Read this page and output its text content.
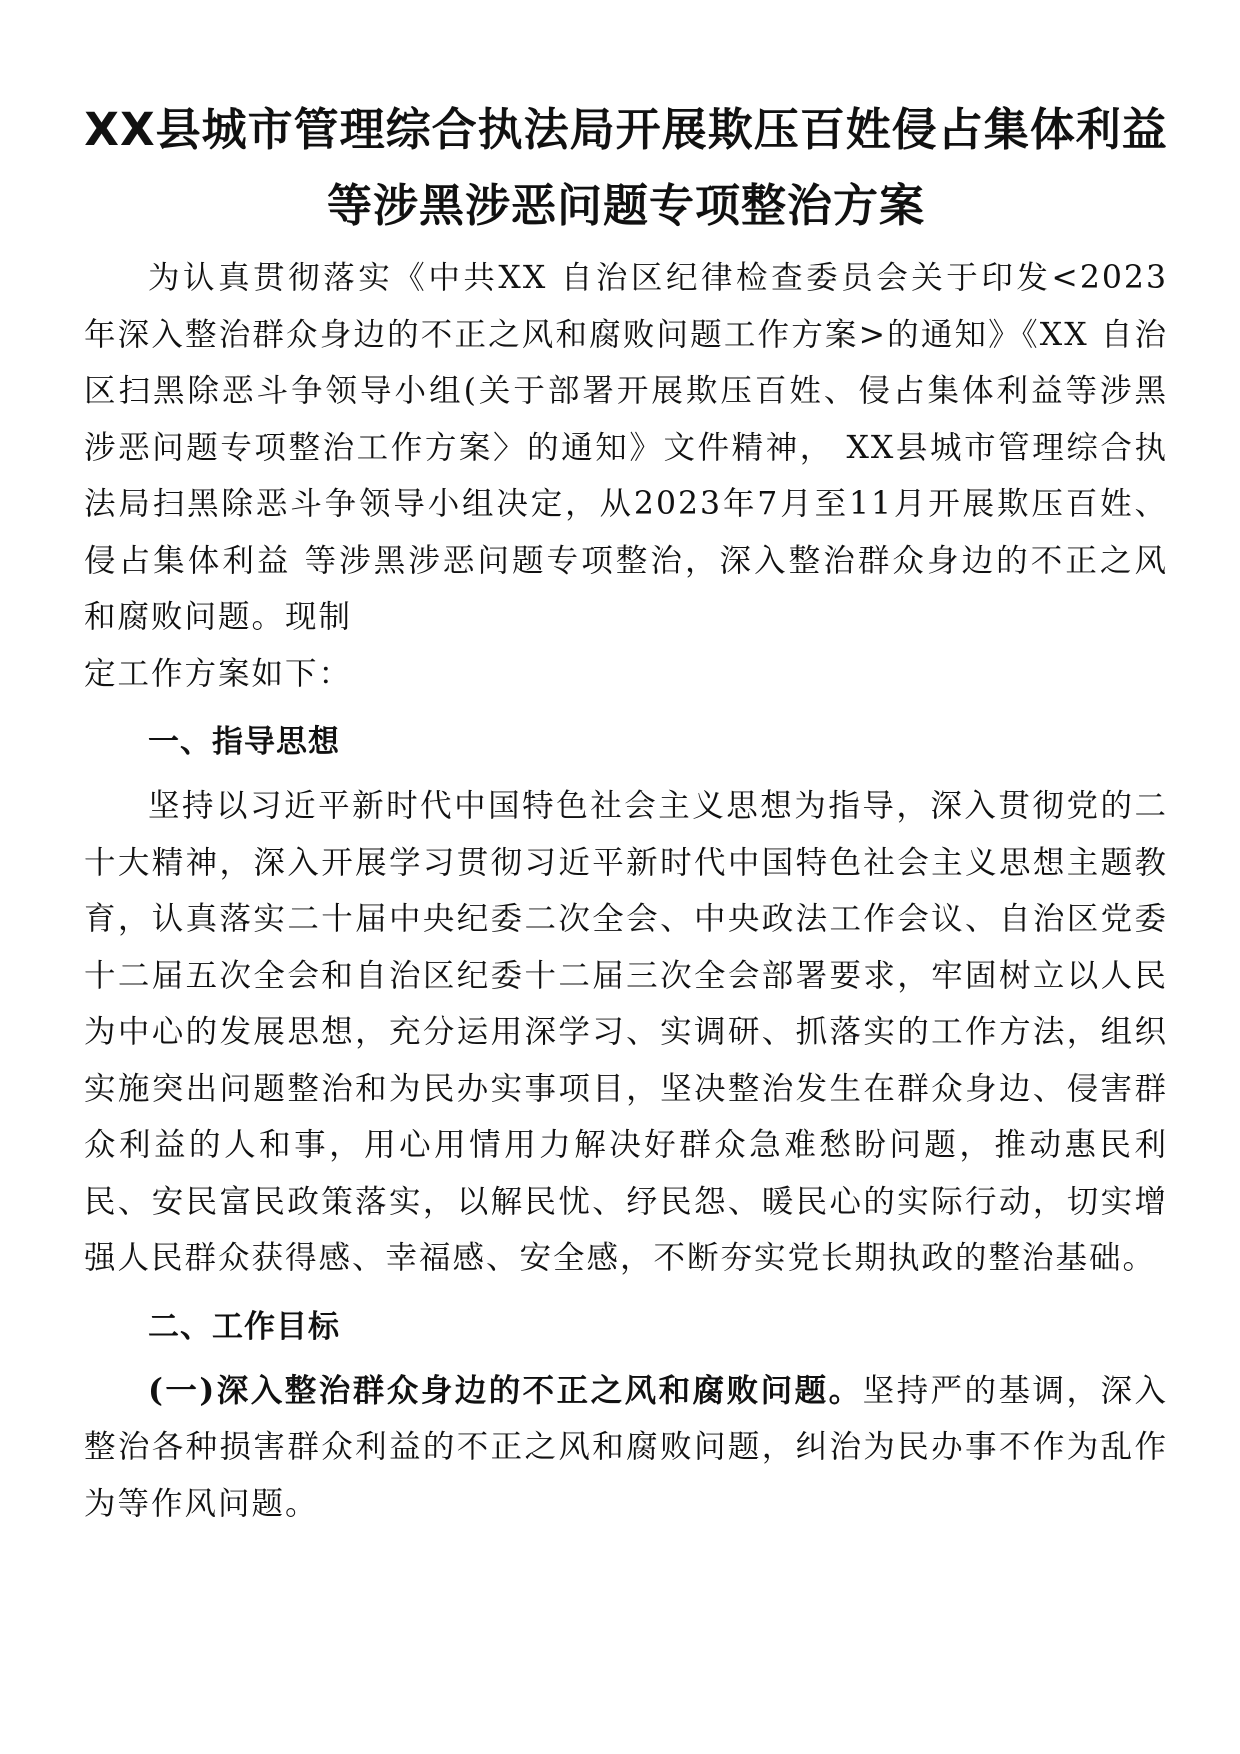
XX县城市管理综合执法局开展欺压百姓侵占集体利益
等涉黑涉恶问题专项整治方案

为认真贯彻落实《中共XX 自治区纪律检查委员会关于印发<2023 年深入整治群众身边的不正之风和腐败问题工作方案>的通知》《XX 自治区扫黑除恶斗争领导小组(关于部署开展欺压百姓、侵占集体利益等涉黑涉恶问题专项整治工作方案〉的通知》文件精神， XX县城市管理综合执法局扫黑除恶斗争领导小组决定，从2023年7月至11月开展欺压百姓、侵占集体利益 等涉黑涉恶问题专项整治，深入整治群众身边的不正之风和腐败问题。现制

定工作方案如下：

一、指导思想

坚持以习近平新时代中国特色社会主义思想为指导，深入贯彻党的二十大精神，深入开展学习贯彻习近平新时代中国特色社会主义思想主题教育，认真落实二十届中央纪委二次全会、中央政法工作会议、自治区党委十二届五次全会和自治区纪委十二届三次全会部署要求，牢固树立以人民为中心的发展思想，充分运用深学习、实调研、抓落实的工作方法，组织实施突出问题整治和为民办实事项目，坚决整治发生在群众身边、侵害群众利益的人和事，用心用情用力解决好群众急难愁盼问题，推动惠民利民、安民富民政策落实，以解民忧、纾民怨、暖民心的实际行动，切实增强人民群众获得感、幸福感、安全感，不断夯实党长期执政的整治基础。

二、工作目标

(一)深入整治群众身边的不正之风和腐败问题。坚持严的基调，深入整治各种损害群众利益的不正之风和腐败问题，纠治为民办事不作为乱作为等作风问题。
